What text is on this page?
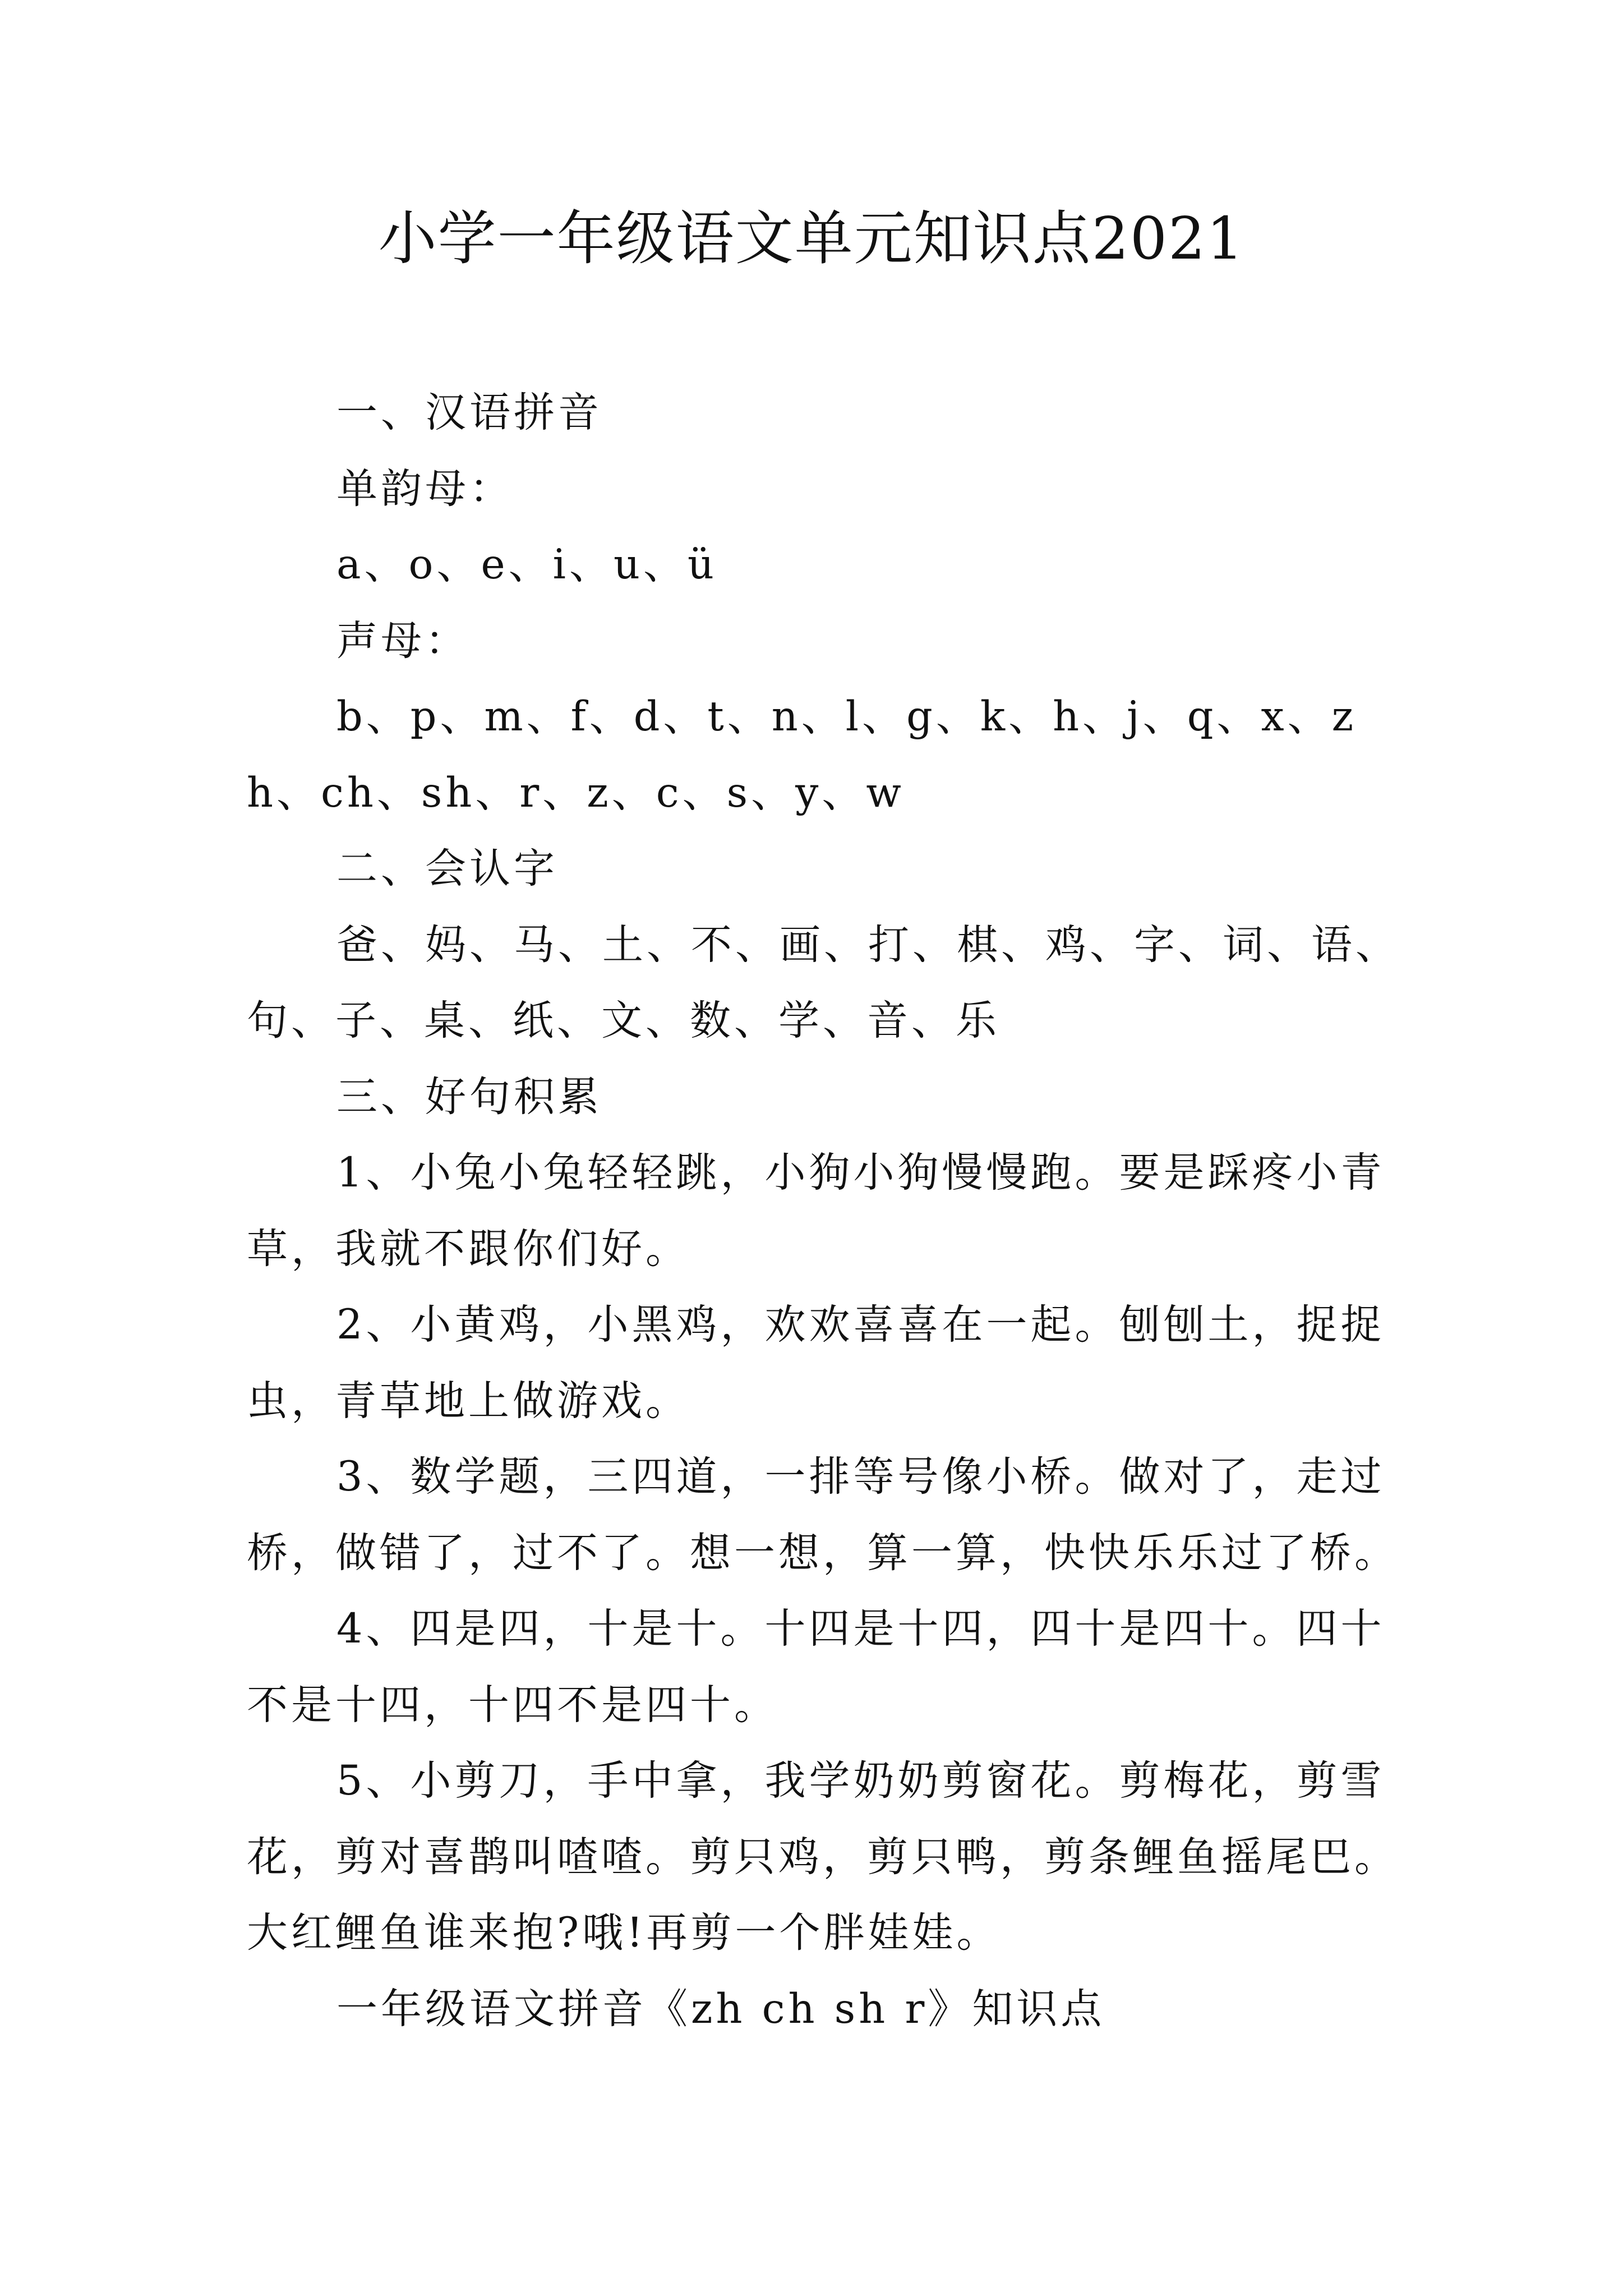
小学一年级语文单元知识点2021

一、汉语拼音

单韵母：

a、o、e、i、u、ü

声母：

b、p、m、f、d、t、n、l、g、k、h、j、q、x、zh、ch、sh、r、z、c、s、y、w

二、会认字

爸、妈、马、土、不、画、打、棋、鸡、字、词、语、句、子、桌、纸、文、数、学、音、乐

三、好句积累

1、小兔小兔轻轻跳，小狗小狗慢慢跑。要是踩疼小青草，我就不跟你们好。

2、小黄鸡，小黑鸡，欢欢喜喜在一起。刨刨土，捉捉虫，青草地上做游戏。

3、数学题，三四道，一排等号像小桥。做对了，走过桥，做错了，过不了。想一想，算一算，快快乐乐过了桥。

4、四是四，十是十。十四是十四，四十是四十。四十不是十四，十四不是四十。

5、小剪刀，手中拿，我学奶奶剪窗花。剪梅花，剪雪花，剪对喜鹊叫喳喳。剪只鸡，剪只鸭，剪条鲤鱼摇尾巴。大红鲤鱼谁来抱?哦!再剪一个胖娃娃。

一年级语文拼音《zh ch sh r》知识点
